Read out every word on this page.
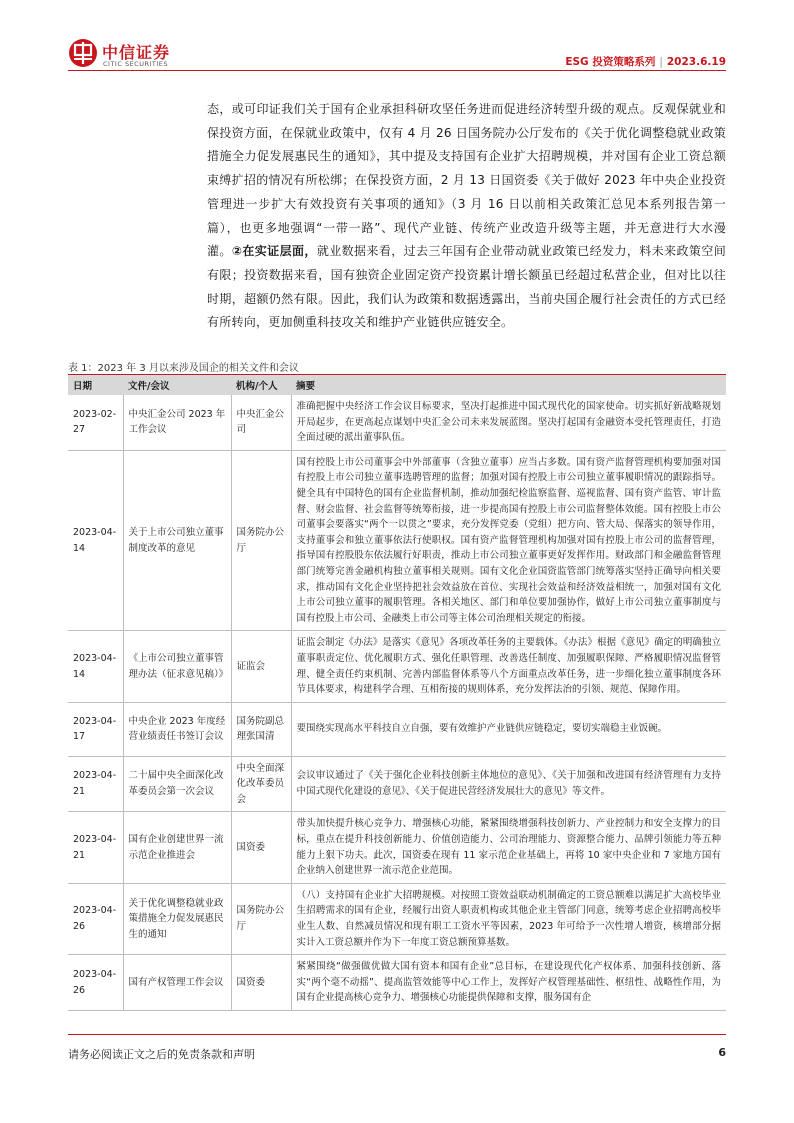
中信证券
CITIC SECURITIES	ESG 投资策略系列 | 2023.6.19
态，或可印证我们关于国有企业承担科研攻坚任务进而促进经济转型升级的观点。反观保就业和保投资方面，在保就业政策中，仅有 4 月 26 日国务院办公厅发布的《关于优化调整稳就业政策措施全力促发展惠民生的通知》，其中提及支持国有企业扩大招聘规模，并对国有企业工资总额束缚扩招的情况有所松绑；在保投资方面，2 月 13 日国资委《关于做好 2023 年中央企业投资管理进一步扩大有效投资有关事项的通知》（3 月 16 日以前相关政策汇总见本系列报告第一篇），也更多地强调“一带一路”、现代产业链、传统产业改造升级等主题，并无意进行大水漫灌。②在实证层面，就业数据来看，过去三年国有企业带动就业政策已经发力，料未来政策空间有限；投资数据来看，国有独资企业固定资产投资累计增长额虽已经超过私营企业，但对比以往时期，超额仍然有限。因此，我们认为政策和数据透露出，当前央国企履行社会责任的方式已经有所转向，更加侧重科技攻关和维护产业链供应链安全。
表 1：2023 年 3 月以来涉及国企的相关文件和会议
日期	文件/会议	机构/个人	摘要
2023-02-27	中央汇金公司 2023 年工作会议	中央汇金公司	准确把握中央经济工作会议目标要求，坚决打起推进中国式现代化的国家使命。切实抓好新战略规划开局起步，在更高起点谋划中央汇金公司未来发展蓝图。坚决打起国有金融资本受托管理责任，打造全面过硬的派出董事队伍。
2023-04-14	关于上市公司独立董事制度改革的意见	国务院办公厅	国有控股上市公司董事会中外部董事（含独立董事）应当占多数。国有资产监督管理机构要加强对国有控股上市公司独立董事选聘管理的监督；加强对国有控股上市公司独立董事履职情况的跟踪指导。健全具有中国特色的国有企业监督机制，推动加强纪检监察监督、巡视监督、国有资产监管、审计监督、财会监督、社会监督等统筹衔接，进一步提高国有控股上市公司监督整体效能。国有控股上市公司董事会要落实“两个一以贯之”要求，充分发挥党委（党组）把方向、管大局、保落实的领导作用，支持董事会和独立董事依法行使职权。国有资产监督管理机构加强对国有控股上市公司的监督管理，指导国有控股股东依法履行好职责，推动上市公司独立董事更好发挥作用。财政部门和金融监督管理部门统筹完善金融机构独立董事相关规则。国有文化企业国资监管部门统筹落实坚持正确导向相关要求，推动国有文化企业坚持把社会效益放在首位、实现社会效益和经济效益相统一，加强对国有文化上市公司独立董事的履职管理。各相关地区、部门和单位要加强协作，做好上市公司独立董事制度与国有控股上市公司、金融类上市公司等主体公司治理相关规定的衔接。
2023-04-14	《上市公司独立董事管理办法（征求意见稿）》	证监会	证监会制定《办法》是落实《意见》各项改革任务的主要载体。《办法》根据《意见》确定的明确独立董事职责定位、优化履职方式、强化任职管理、改善选任制度、加强履职保障、严格履职情况监督管理、健全责任约束机制、完善内部监督体系等八个方面重点改革任务，进一步细化独立董事制度各环节具体要求，构建科学合理、互相衔接的规则体系，充分发挥法治的引领、规范、保障作用。
2023-04-17	中央企业 2023 年度经营业绩责任书签订会议	国务院副总理张国清	要围绕实现高水平科技自立自强，要有效维护产业链供应链稳定，要切实端稳主业饭碗。
2023-04-21	二十届中央全面深化改革委员会第一次会议	中央全面深化改革委员会	会议审议通过了《关于强化企业科技创新主体地位的意见》、《关于加强和改进国有经济管理有力支持中国式现代化建设的意见》、《关于促进民营经济发展壮大的意见》等文件。
2023-04-21	国有企业创建世界一流示范企业推进会	国资委	带头加快提升核心竞争力、增强核心功能，紧紧围绕增强科技创新力、产业控制力和安全支撑力的目标，重点在提升科技创新能力、价值创造能力、公司治理能力、资源整合能力、品牌引领能力等五种能力上狠下功夫。此次，国资委在现有 11 家示范企业基础上，再将 10 家中央企业和 7 家地方国有企业纳入创建世界一流示范企业范围。
2023-04-26	关于优化调整稳就业政策措施全力促发展惠民生的通知	国务院办公厅	（八）支持国有企业扩大招聘规模。对按照工资效益联动机制确定的工资总额难以满足扩大高校毕业生招聘需求的国有企业，经履行出资人职责机构或其他企业主管部门同意，统筹考虑企业招聘高校毕业生人数、自然减员情况和现有职工工资水平等因素，2023 年可给予一次性增人增资，核增部分据实计入工资总额并作为下一年度工资总额预算基数。
2023-04-26	国有产权管理工作会议	国资委	紧紧围绕“做强做优做大国有资本和国有企业”总目标，在建设现代化产权体系、加强科技创新、落实“两个毫不动摇”、提高监管效能等中心工作上，发挥好产权管理基础性、枢纽性、战略性作用，为国有企业提高核心竞争力、增强核心功能提供保障和支撑，服务国有企
请务必阅读正文之后的免责条款和声明	6
